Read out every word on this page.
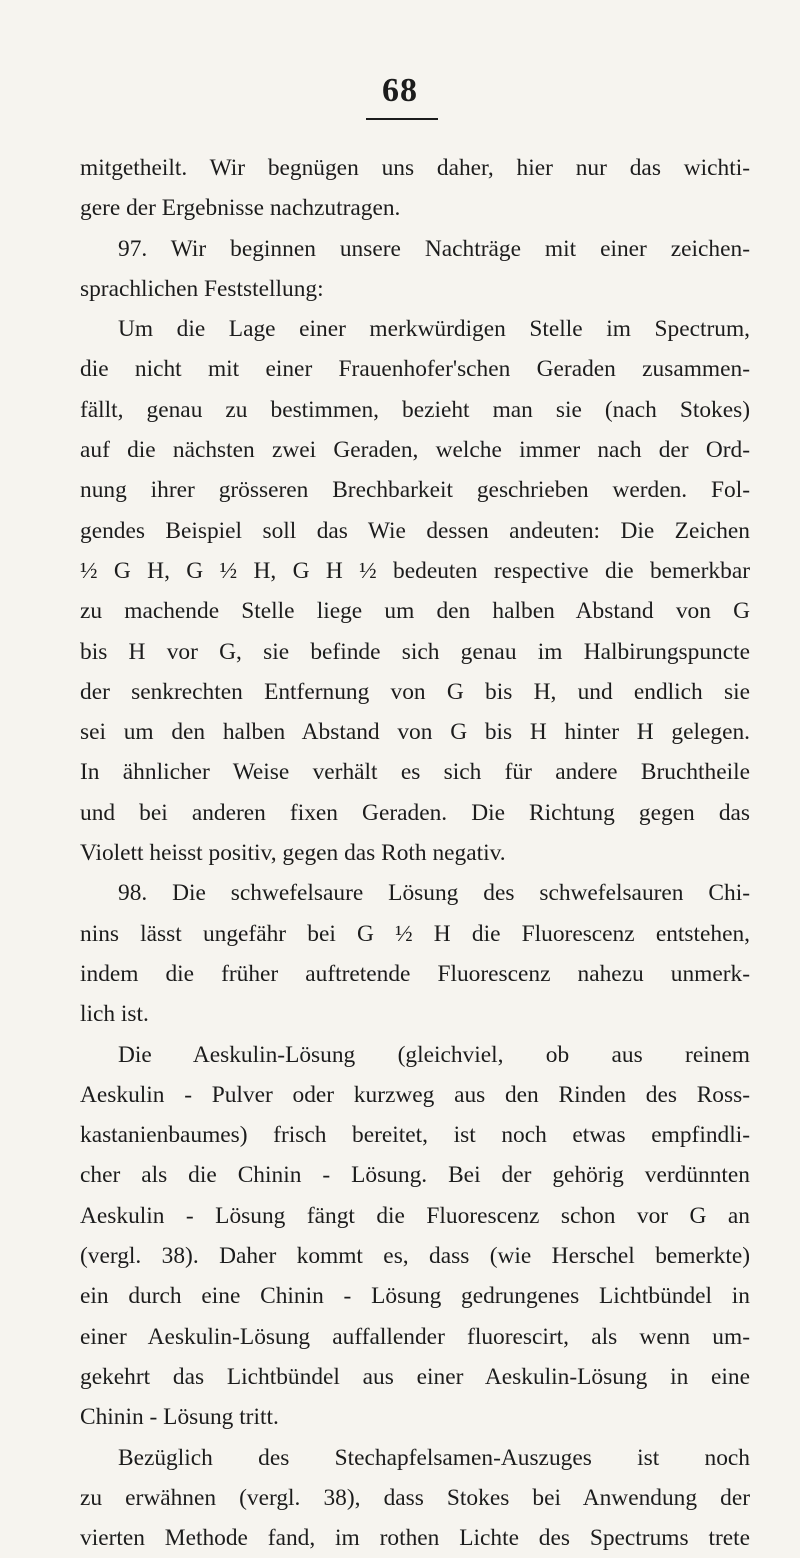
68
mitgetheilt. Wir begnügen uns daher, hier nur das wichti-
gere der Ergebnisse nachzutragen.
97. Wir beginnen unsere Nachträge mit einer zeichen-
sprachlichen Feststellung:
Um die Lage einer merkwürdigen Stelle im Spectrum,
die nicht mit einer Frauenhofer'schen Geraden zusammen-
fällt, genau zu bestimmen, bezieht man sie (nach Stokes)
auf die nächsten zwei Geraden, welche immer nach der Ord-
nung ihrer grösseren Brechbarkeit geschrieben werden. Fol-
gendes Beispiel soll das Wie dessen andeuten: Die Zeichen
½ G H, G ½ H, G H ½ bedeuten respective die bemerkbar
zu machende Stelle liege um den halben Abstand von G
bis H vor G, sie befinde sich genau im Halbirungspuncte
der senkrechten Entfernung von G bis H, und endlich sie
sei um den halben Abstand von G bis H hinter H gelegen.
In ähnlicher Weise verhält es sich für andere Bruchtheile
und bei anderen fixen Geraden. Die Richtung gegen das
Violett heisst positiv, gegen das Roth negativ.
98. Die schwefelsaure Lösung des schwefelsauren Chi-
nins lässt ungefähr bei G ½ H die Fluorescenz entstehen,
indem die früher auftretende Fluorescenz nahezu unmerk-
lich ist.
Die Aeskulin-Lösung (gleichviel, ob aus reinem
Aeskulin - Pulver oder kurzweg aus den Rinden des Ross-
kastanienbaumes) frisch bereitet, ist noch etwas empfindli-
cher als die Chinin - Lösung. Bei der gehörig verdünnten
Aeskulin - Lösung fängt die Fluorescenz schon vor G an
(vergl. 38). Daher kommt es, dass (wie Herschel bemerkte)
ein durch eine Chinin - Lösung gedrungenes Lichtbündel in
einer Aeskulin-Lösung auffallender fluorescirt, als wenn um-
gekehrt das Lichtbündel aus einer Aeskulin-Lösung in eine
Chinin - Lösung tritt.
Bezüglich des Stechapfelsamen-Auszuges ist noch
zu erwähnen (vergl. 38), dass Stokes bei Anwendung der
vierten Methode fand, im rothen Lichte des Spectrums trete
